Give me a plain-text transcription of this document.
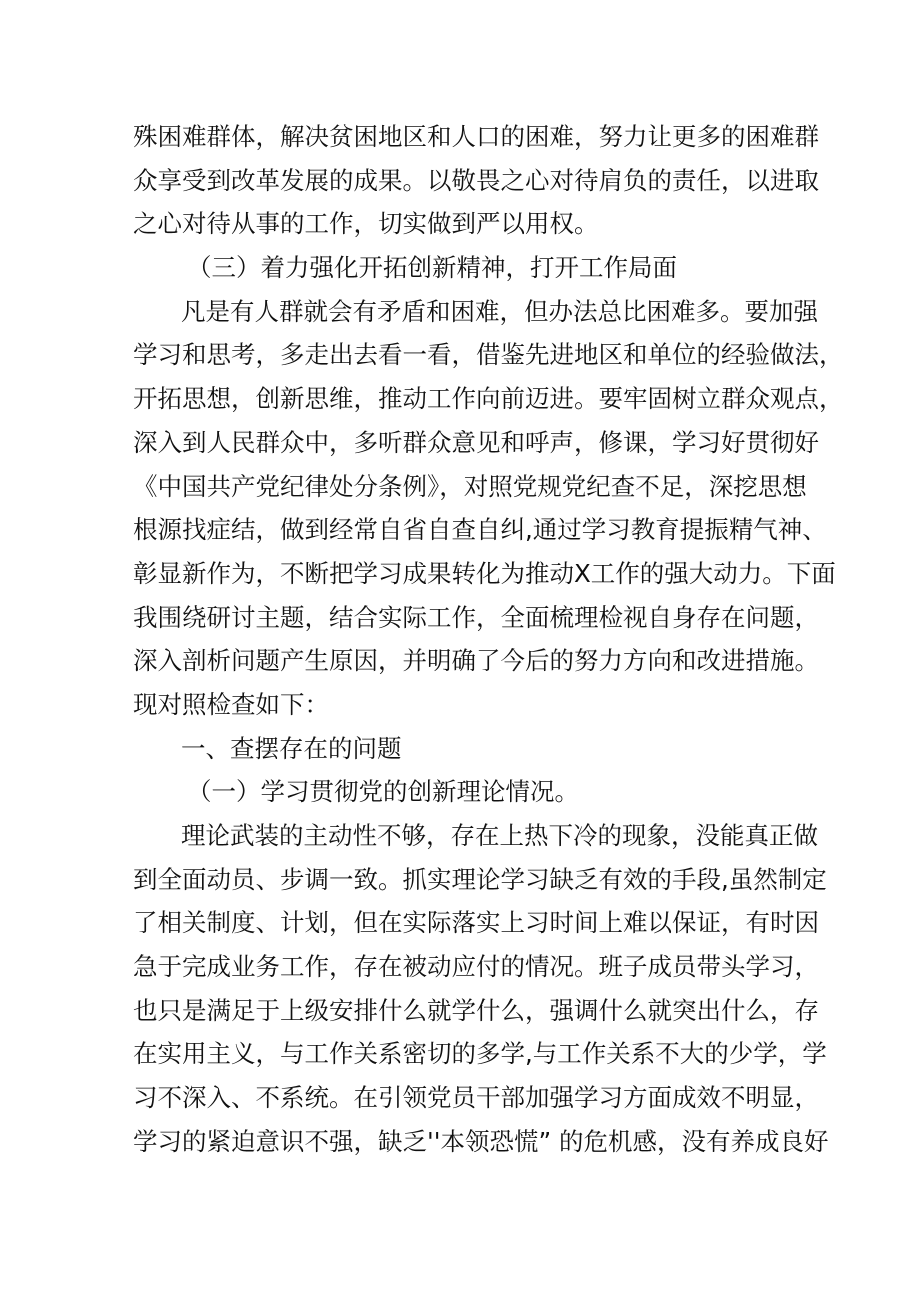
殊困难群体，解决贫困地区和人口的困难，努力让更多的困难群
众享受到改革发展的成果。以敬畏之心对待肩负的责任，以进取
之心对待从事的工作，切实做到严以用权。
（三）着力强化开拓创新精神，打开工作局面
凡是有人群就会有矛盾和困难，但办法总比困难多。要加强
学习和思考，多走出去看一看，借鉴先进地区和单位的经验做法，
开拓思想，创新思维，推动工作向前迈进。要牢固树立群众观点，
深入到人民群众中，多听群众意见和呼声，修课，学习好贯彻好
《中国共产党纪律处分条例》，对照党规党纪查不足，深挖思想
根源找症结，做到经常自省自查自纠,通过学习教育提振精气神、
彰显新作为，不断把学习成果转化为推动X工作的强大动力。下面
我围绕研讨主题，结合实际工作，全面梳理检视自身存在问题，
深入剖析问题产生原因，并明确了今后的努力方向和改进措施。
现对照检查如下：
一、查摆存在的问题
（一）学习贯彻党的创新理论情况。
理论武装的主动性不够，存在上热下冷的现象，没能真正做
到全面动员、步调一致。抓实理论学习缺乏有效的手段,虽然制定
了相关制度、计划，但在实际落实上习时间上难以保证，有时因
急于完成业务工作，存在被动应付的情况。班子成员带头学习，
也只是满足于上级安排什么就学什么，强调什么就突出什么，存
在实用主义，与工作关系密切的多学,与工作关系不大的少学，学
习不深入、不系统。在引领党员干部加强学习方面成效不明显，
学习的紧迫意识不强，缺乏''本领恐慌” 的危机感，没有养成良好
